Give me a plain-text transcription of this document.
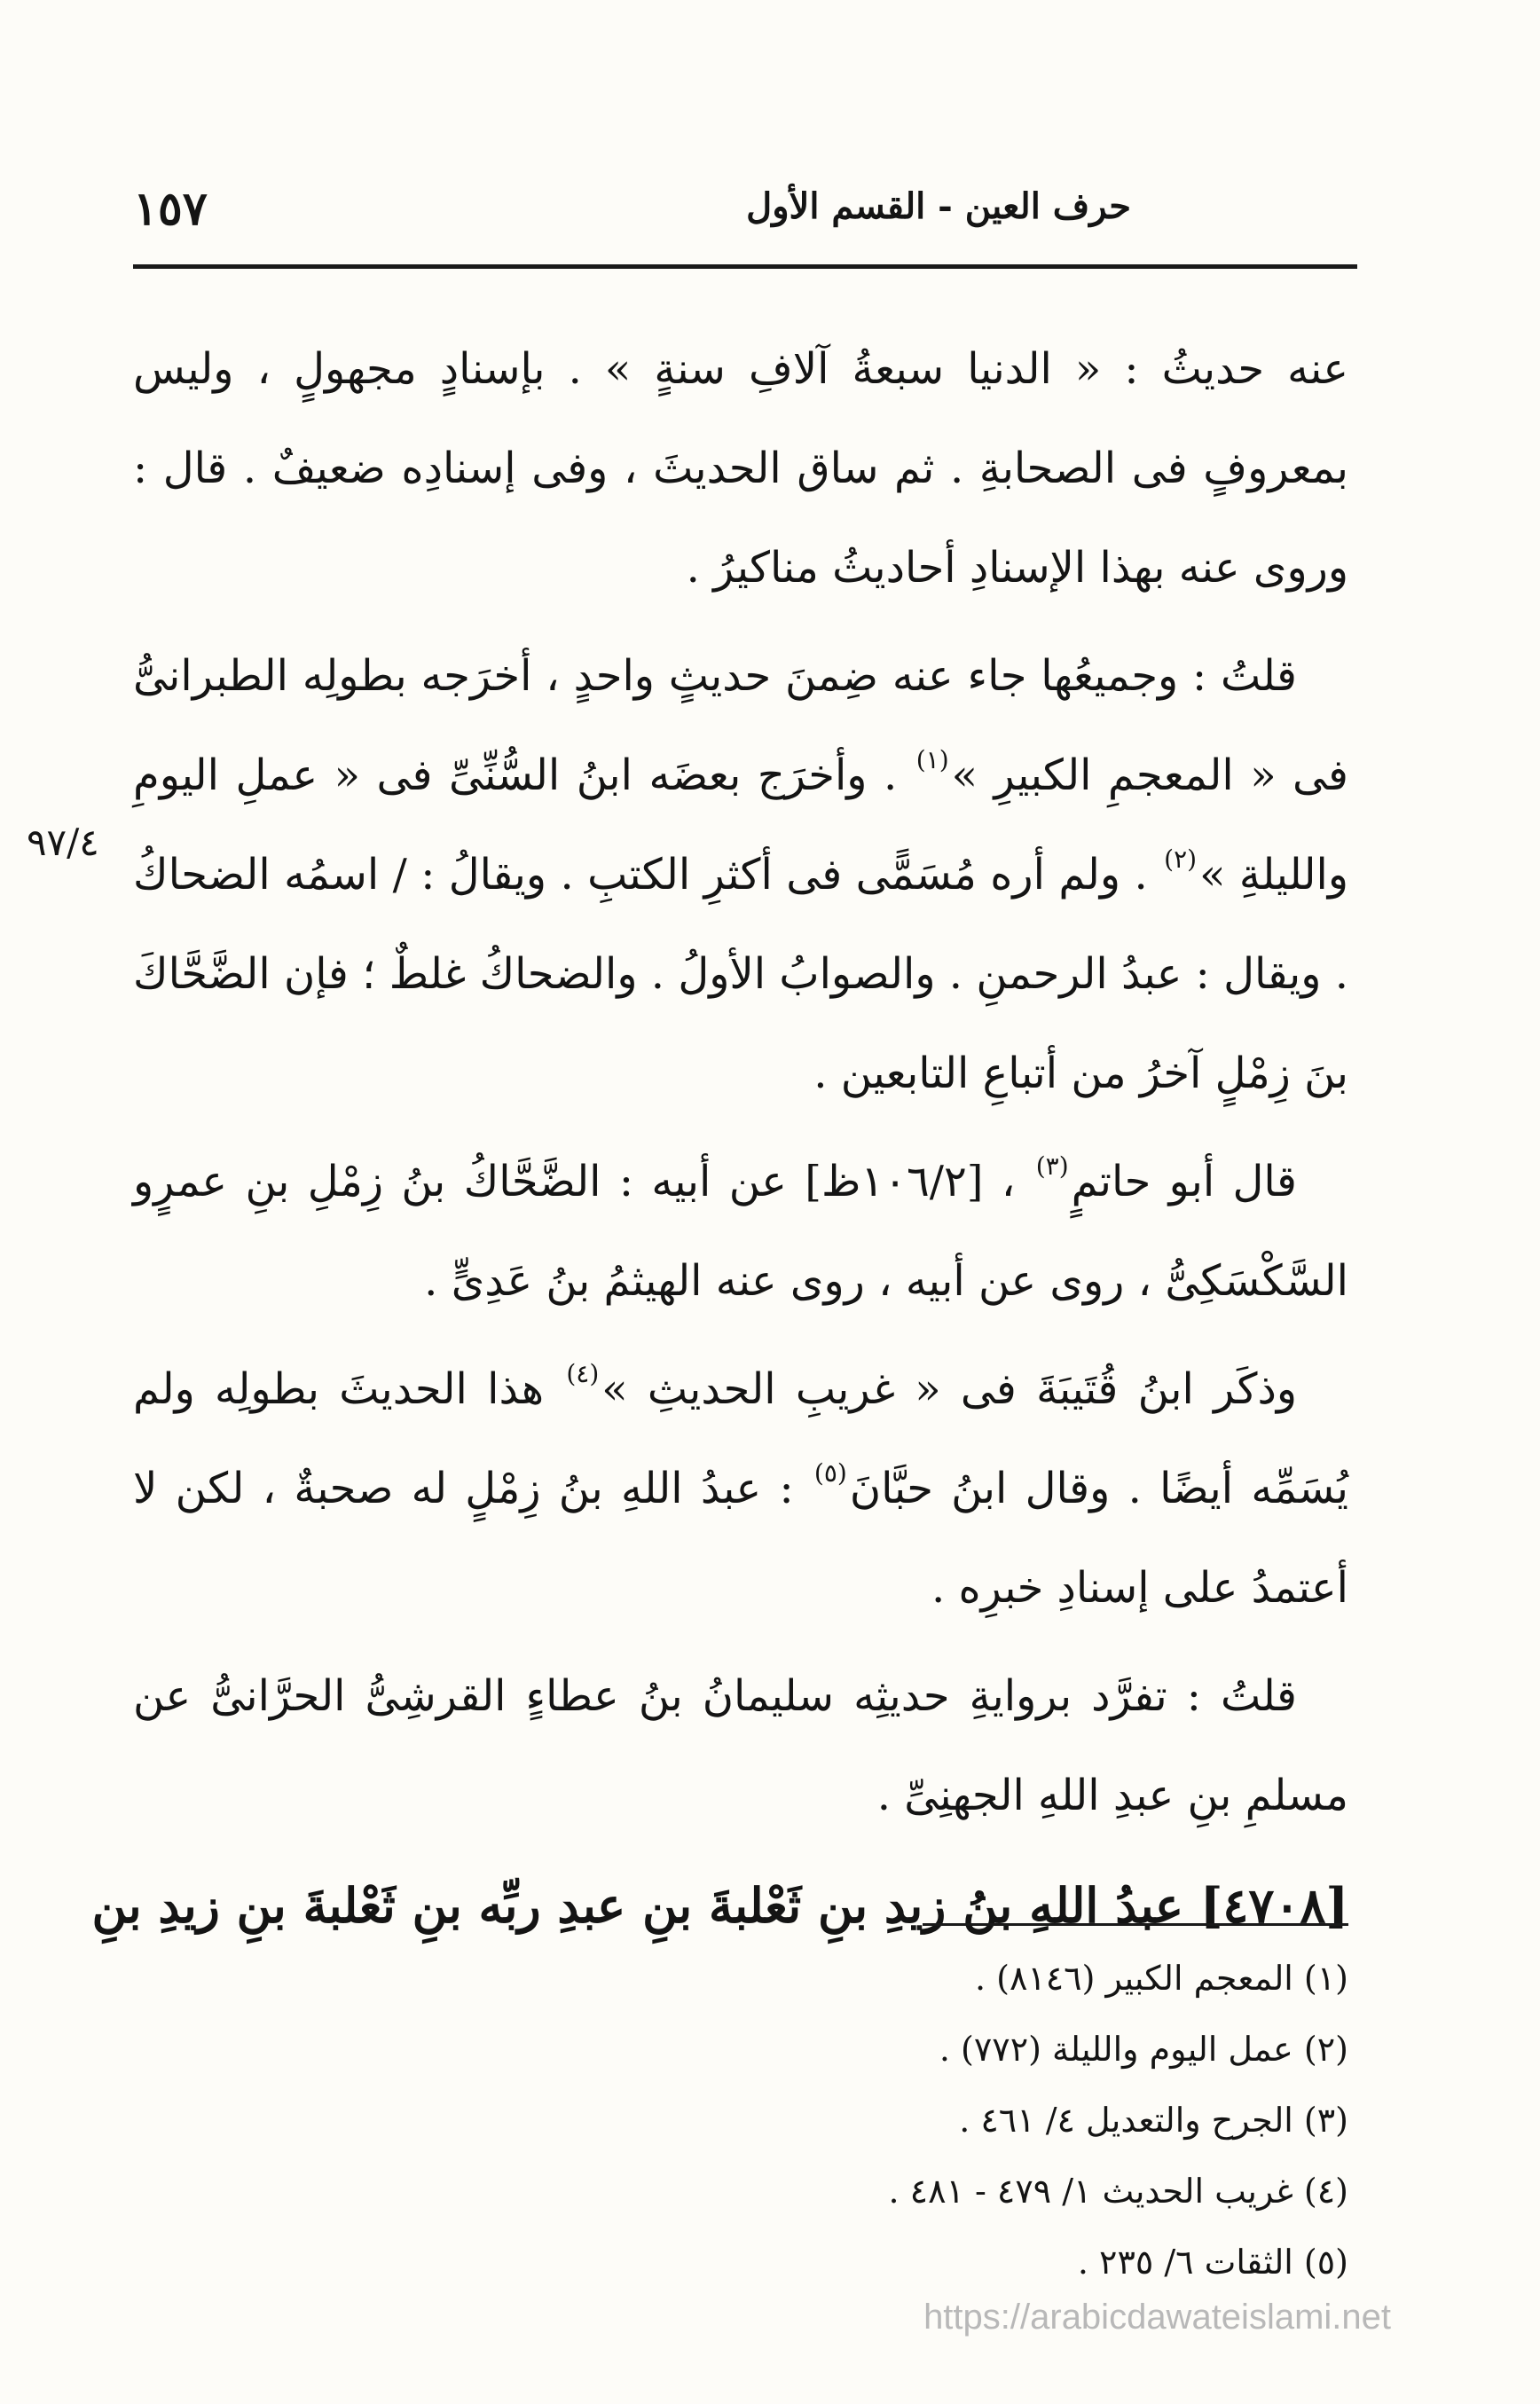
١٥٧	حرف العين - القسم الأول
٩٧/٤

عنه حديثُ : « الدنيا سبعةُ آلافِ سنةٍ » . بإسنادٍ مجهولٍ ، وليس بمعروفٍ فى الصحابةِ . ثم ساق الحديثَ ، وفى إسنادِه ضعيفٌ . قال : وروى عنه بهذا الإسنادِ أحاديثُ مناكيرُ .

قلتُ : وجميعُها جاء عنه ضِمنَ حديثٍ واحدٍ ، أخرَجه بطولِه الطبرانىُّ فى « المعجمِ الكبيرِ »$^{(١)}$ . وأخرَج بعضَه ابنُ السُّنِّىِّ فى « عملِ اليومِ والليلةِ »$^{(٢)}$ . ولم أره مُسَمًّى فى أكثرِ الكتبِ . ويقالُ : / اسمُه الضحاكُ . ويقال : عبدُ الرحمنِ . والصوابُ الأولُ . والضحاكُ غلطٌ ؛ فإن الضَّحَّاكَ بنَ زِمْلٍ آخرُ من أتباعِ التابعين .

قال أبو حاتمٍ$^{(٣)}$ ، [١٠٦/٢ظ] عن أبيه : الضَّحَّاكُ بنُ زِمْلِ بنِ عمرٍو السَّكْسَكِىُّ ، روى عن أبيه ، روى عنه الهيثمُ بنُ عَدِىٍّ .

وذكَر ابنُ قُتَيبَةَ فى « غريبِ الحديثِ »$^{(٤)}$ هذا الحديثَ بطولِه ولم يُسَمِّه أيضًا . وقال ابنُ حبَّانَ$^{(٥)}$ : عبدُ اللهِ بنُ زِمْلٍ له صحبةٌ ، لكن لا أعتمدُ على إسنادِ خبرِه .

قلتُ : تفرَّد بروايةِ حديثِه سليمانُ بنُ عطاءٍ القرشِىُّ الحرَّانىُّ عن مسلمِ بنِ عبدِ اللهِ الجهنِىِّ .

[٤٧٠٨] عبدُ اللهِ بنُ زيدِ بنِ ثَعْلبةَ بنِ عبدِ ربِّه بنِ ثَعْلبةَ بنِ زيدِ بنِ

(١) المعجم الكبير (٨١٤٦) .
(٢) عمل اليوم والليلة (٧٧٢) .
(٣) الجرح والتعديل ٤/ ٤٦١ .
(٤) غريب الحديث ١/ ٤٧٩ - ٤٨١ .
(٥) الثقات ٦/ ٢٣٥ .
https://arabicdawateislami.net
